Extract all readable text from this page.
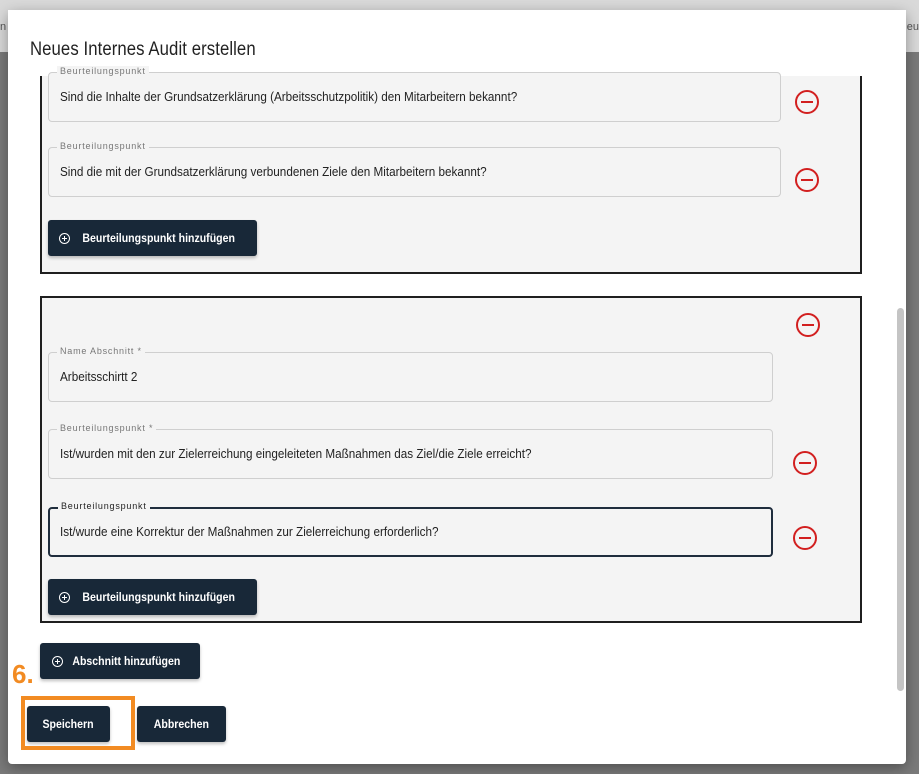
n	eu
Neues Internes Audit erstellen
Beurteilungspunkt
Sind die Inhalte der Grundsatzerklärung (Arbeitsschutzpolitik) den Mitarbeitern bekannt?
Beurteilungspunkt
Sind die mit der Grundsatzerklärung verbundenen Ziele den Mitarbeitern bekannt?
Beurteilungspunkt hinzufügen
Name Abschnitt *
Arbeitsschirtt 2
Beurteilungspunkt *
Ist/wurden mit den zur Zielerreichung eingeleiteten Maßnahmen das Ziel/die Ziele erreicht?
Beurteilungspunkt
Ist/wurde eine Korrektur der Maßnahmen zur Zielerreichung erforderlich?
Beurteilungspunkt hinzufügen
Abschnitt hinzufügen
Speichern	Abbrechen
6.
